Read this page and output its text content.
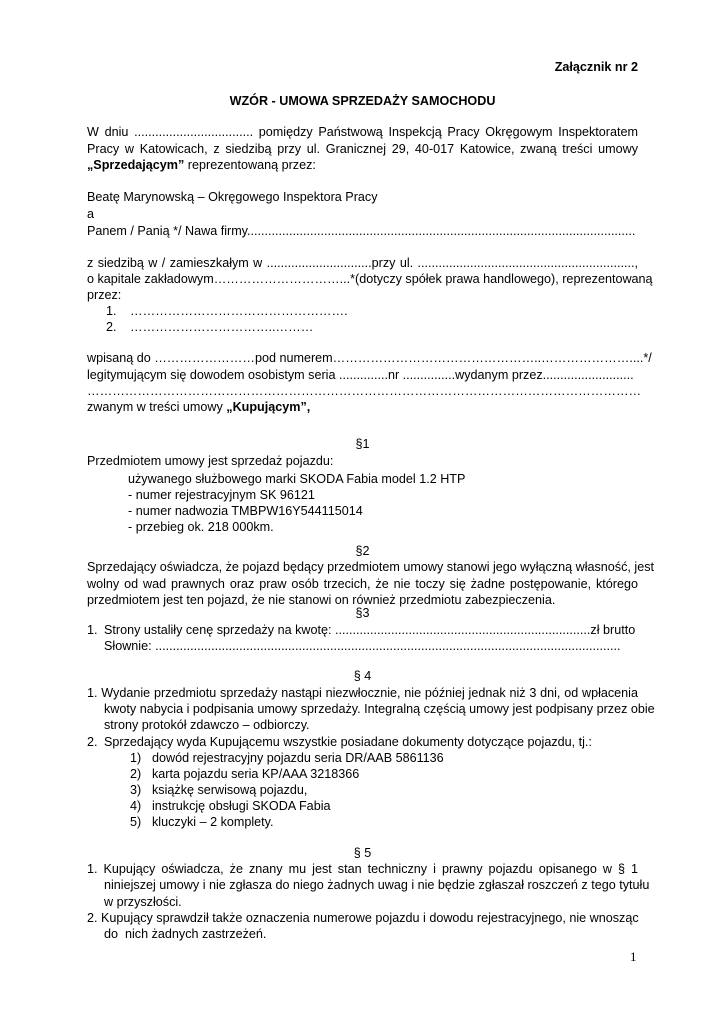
Załącznik nr 2
WZÓR - UMOWA SPRZEDAŻY SAMOCHODU
W dniu .................................. pomiędzy Państwową Inspekcją Pracy Okręgowym Inspektoratem
Pracy w Katowicach, z siedzibą przy ul. Granicznej 29, 40-017 Katowice, zwaną treści umowy
„Sprzedającym” reprezentowaną przez:
Beatę Marynowską – Okręgowego Inspektora Pracy
a
Panem / Panią */ Nawa firmy...............................................................................................................
z siedzibą w / zamieszkałym w ..............................przy ul. ..............................................................,
o kapitale zakładowym…………………………...*(dotyczy spółek prawa handlowego), reprezentowaną
przez:
1. …………………………………………….
2. ……………………………..………
wpisaną do ……………………pod numerem…………………………………………..…………………....*/
legitymującym się dowodem osobistym seria ..............nr ...............wydanym przez..........................
……………………………………………………………………………………………………………………
zwanym w treści umowy „Kupującym”,
§1
Przedmiotem umowy jest sprzedaż pojazdu:
używanego służbowego marki SKODA Fabia model 1.2 HTP
- numer rejestracyjnym SK 96121
- numer nadwozia TMBPW16Y544115014
- przebieg ok. 218 000km.
§2
Sprzedający oświadcza, że pojazd będący przedmiotem umowy stanowi jego wyłączną własność, jest
wolny od wad prawnych oraz praw osób trzecich, że nie toczy się żadne postępowanie, którego
przedmiotem jest ten pojazd, że nie stanowi on również przedmiotu zabezpieczenia.
§3
1. Strony ustaliły cenę sprzedaży na kwotę: .........................................................................zł brutto
Słownie: .....................................................................................................................................
§ 4
1. Wydanie przedmiotu sprzedaży nastąpi niezwłocznie, nie później jednak niż 3 dni, od wpłacenia
kwoty nabycia i podpisania umowy sprzedaży. Integralną częścią umowy jest podpisany przez obie
strony protokół zdawczo – odbiorczy.
2. Sprzedający wyda Kupującemu wszystkie posiadane dokumenty dotyczące pojazdu, tj.:
1) dowód rejestracyjny pojazdu seria DR/AAB 5861136
2) karta pojazdu seria KP/AAA 3218366
3) książkę serwisową pojazdu,
4) instrukcję obsługi SKODA Fabia
5) kluczyki – 2 komplety.
§ 5
1. Kupujący oświadcza, że znany mu jest stan techniczny i prawny pojazdu opisanego w § 1
niniejszej umowy i nie zgłasza do niego żadnych uwag i nie będzie zgłaszał roszczeń z tego tytułu
w przyszłości.
2. Kupujący sprawdził także oznaczenia numerowe pojazdu i dowodu rejestracyjnego, nie wnosząc
do  nich żadnych zastrzeżeń.
1
